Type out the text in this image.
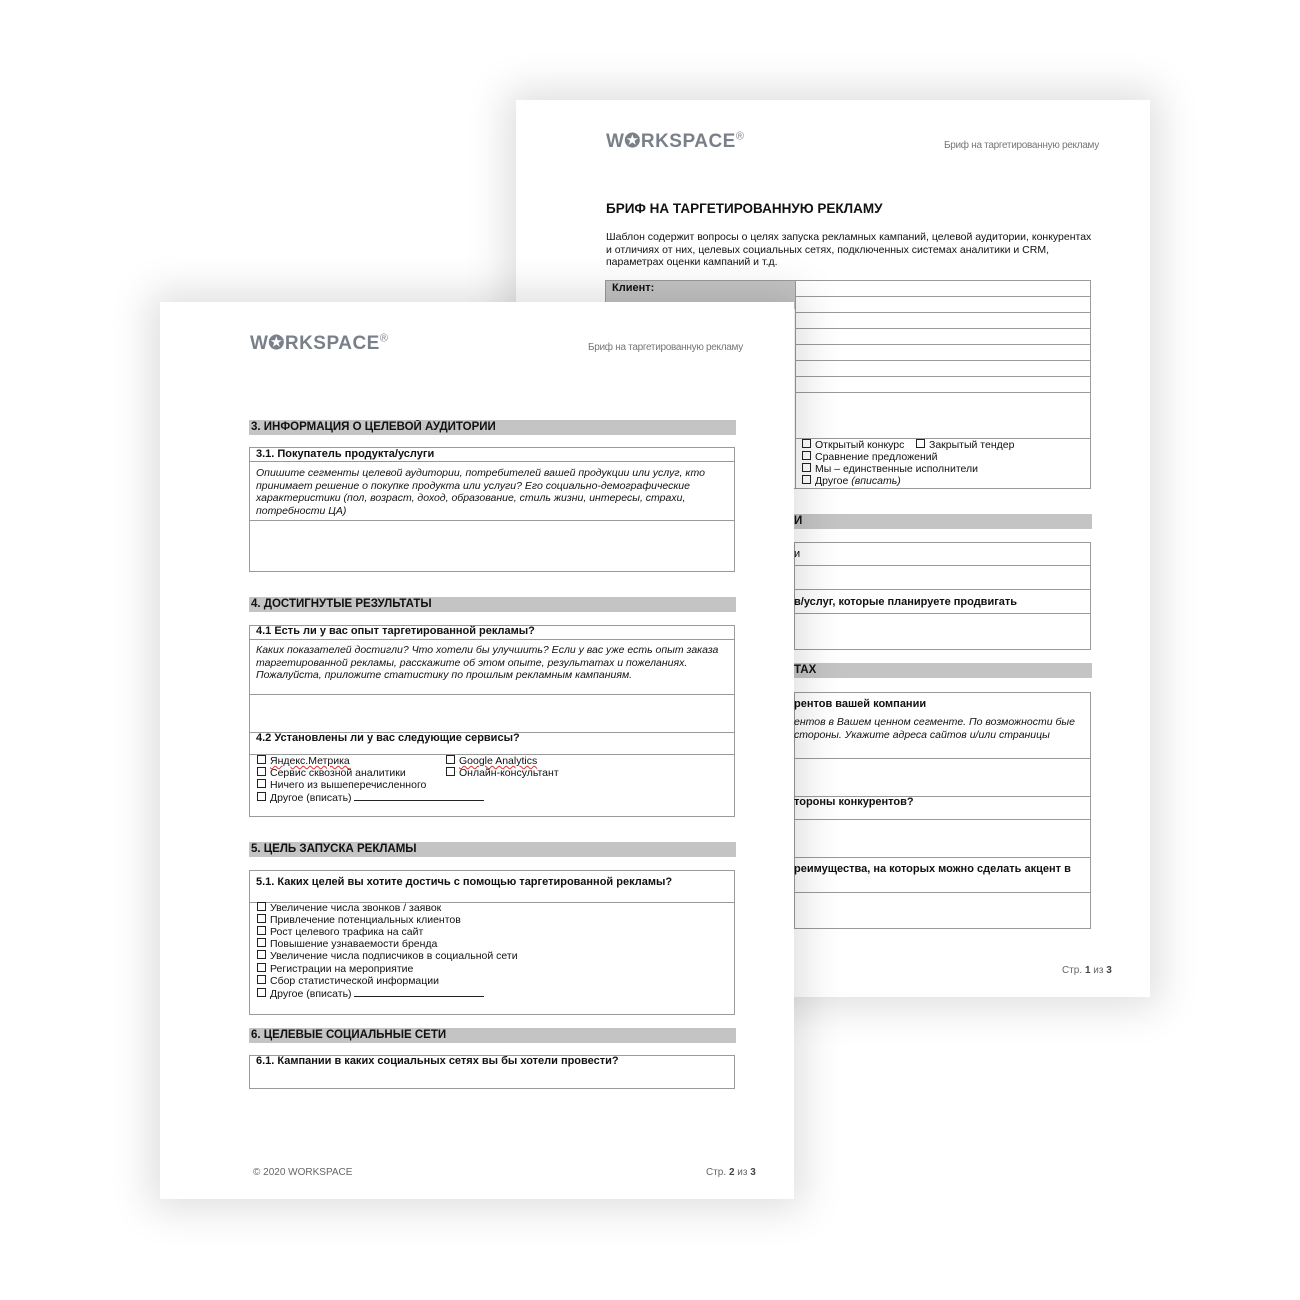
W✪RKSPACE®
Бриф на таргетированную рекламу
БРИФ НА ТАРГЕТИРОВАННУЮ РЕКЛАМУ
Шаблон содержит вопросы о целях запуска рекламных кампаний, целевой аудитории, конкурентах и отличиях от них, целевых социальных сетях, подключенных системах аналитики и CRM, параметрах оценки кампаний и т.д.
Клиент:
Открытый конкурс	Закрытый тендер
Сравнение предложений
Мы – единственные исполнители
Другое (вписать)
И
и
в/услуг, которые планируете продвигать
ТАХ
рентов вашей компании
ентов в Вашем ценном сегменте. По возможности бые стороны. Укажите адреса сайтов и/или страницы
тороны конкурентов?
реимущества, на которых можно сделать акцент в
Стр. 1 из 3
W✪RKSPACE®
Бриф на таргетированную рекламу
3. ИНФОРМАЦИЯ О ЦЕЛЕВОЙ АУДИТОРИИ
3.1. Покупатель продукта/услуги
Опишите сегменты целевой аудитории, потребителей вашей продукции или услуг, кто принимает решение о покупке продукта или услуги? Его социально-демографические характеристики (пол, возраст, доход, образование, стиль жизни, интересы, страхи, потребности ЦА)
4. ДОСТИГНУТЫЕ РЕЗУЛЬТАТЫ
4.1 Есть ли у вас опыт таргетированной рекламы?
Каких показателей достигли? Что хотели бы улучшить? Если у вас уже есть опыт заказа таргетированной рекламы, расскажите об этом опыте, результатах и пожеланиях. Пожалуйста, приложите статистику по прошлым рекламным кампаниям.
4.2 Установлены ли у вас следующие сервисы?
Яндекс.Метрика	Google Analytics
Сервис сквозной аналитики	Онлайн-консультант
Ничего из вышеперечисленного
Другое (вписать)
5. ЦЕЛЬ ЗАПУСКА РЕКЛАМЫ
5.1. Каких целей вы хотите достичь с помощью таргетированной рекламы?
Увеличение числа звонков / заявок
Привлечение потенциальных клиентов
Рост целевого трафика на сайт
Повышение узнаваемости бренда
Увеличение числа подписчиков в социальной сети
Регистрации на мероприятие
Сбор статистической информации
Другое (вписать)
6. ЦЕЛЕВЫЕ СОЦИАЛЬНЫЕ СЕТИ
6.1. Кампании в каких социальных сетях вы бы хотели провести?
© 2020 WORKSPACE	Стр. 2 из 3
